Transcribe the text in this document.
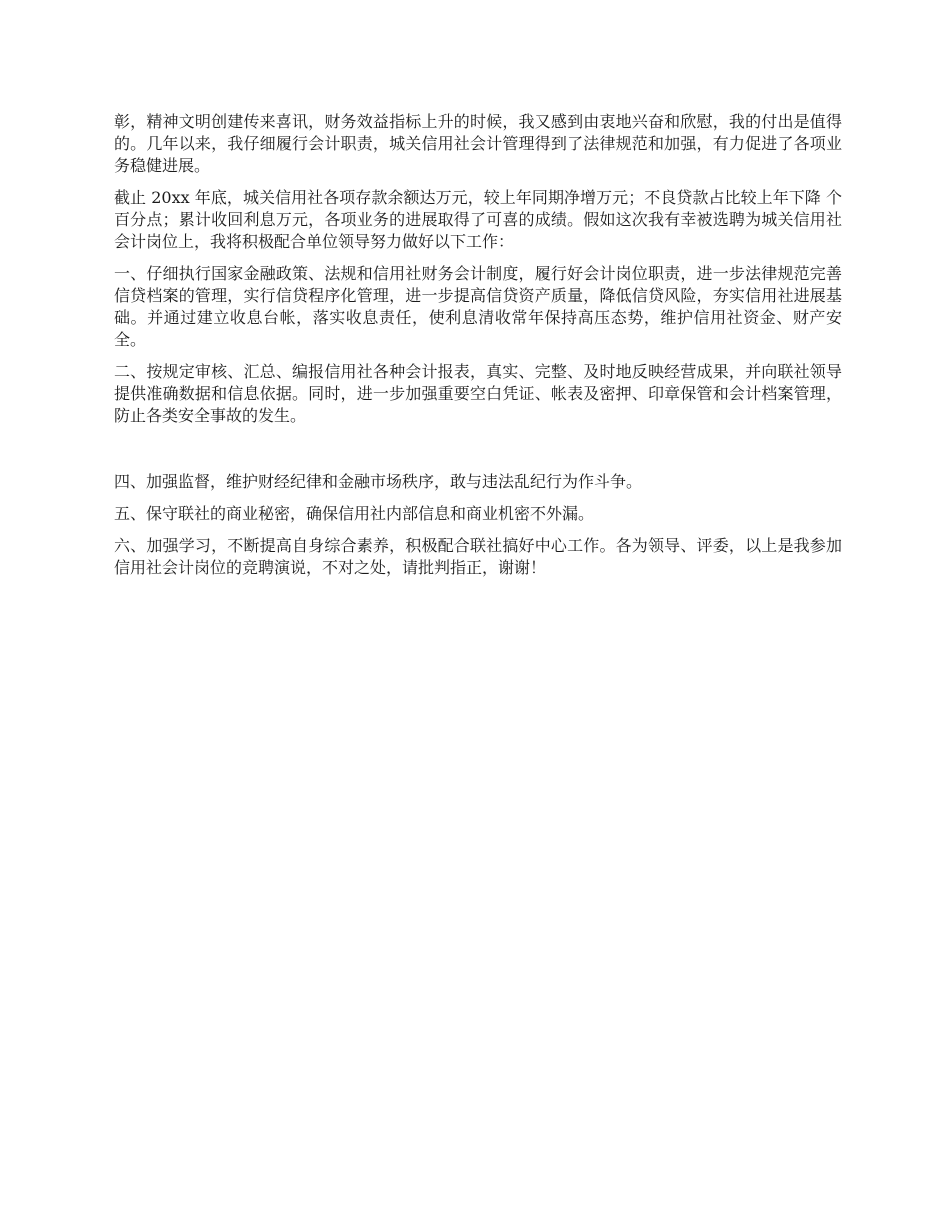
彰，精神文明创建传来喜讯，财务效益指标上升的时候，我又感到由衷地兴奋和欣慰，我的付出是值得的。几年以来，我仔细履行会计职责，城关信用社会计管理得到了法律规范和加强，有力促进了各项业务稳健进展。

截止 20xx 年底，城关信用社各项存款余额达万元，较上年同期净增万元；不良贷款占比较上年下降 个百分点；累计收回利息万元，各项业务的进展取得了可喜的成绩。假如这次我有幸被选聘为城关信用社会计岗位上，我将积极配合单位领导努力做好以下工作：

一、仔细执行国家金融政策、法规和信用社财务会计制度，履行好会计岗位职责，进一步法律规范完善信贷档案的管理，实行信贷程序化管理，进一步提高信贷资产质量，降低信贷风险，夯实信用社进展基础。并通过建立收息台帐，落实收息责任，使利息清收常年保持高压态势，维护信用社资金、财产安全。

二、按规定审核、汇总、编报信用社各种会计报表，真实、完整、及时地反映经营成果，并向联社领导提供准确数据和信息依据。同时，进一步加强重要空白凭证、帐表及密押、印章保管和会计档案管理，防止各类安全事故的发生。

四、加强监督，维护财经纪律和金融市场秩序，敢与违法乱纪行为作斗争。

五、保守联社的商业秘密，确保信用社内部信息和商业机密不外漏。

六、加强学习，不断提高自身综合素养，积极配合联社搞好中心工作。各为领导、评委，以上是我参加信用社会计岗位的竞聘演说，不对之处，请批判指正，谢谢！
